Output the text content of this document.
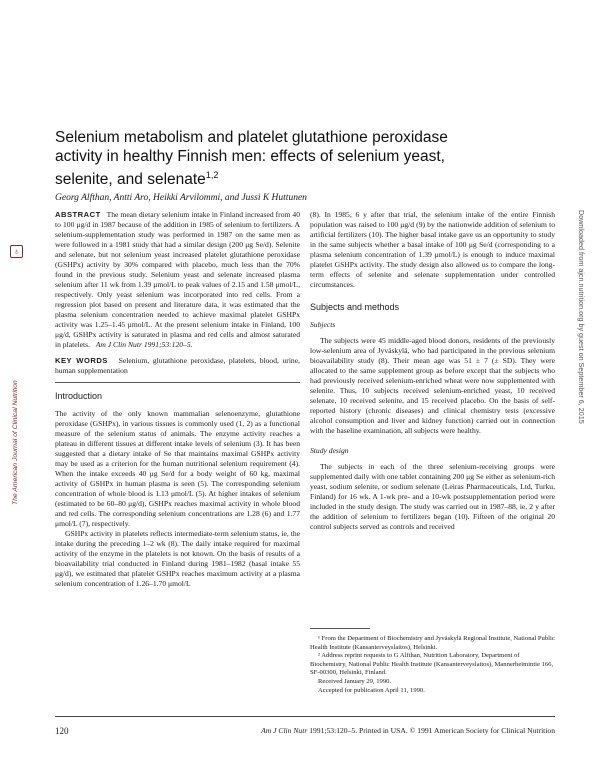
Selenium metabolism and platelet glutathione peroxidase activity in healthy Finnish men: effects of selenium yeast, selenite, and selenate$^{1,2}$
Georg Alfthan, Antti Aro, Heikki Arvilommi, and Jussi K Huttunen

ABSTRACT The mean dietary selenium intake in Finland increased from 40 to 100 μg/d in 1987 because of the addition in 1985 of selenium to fertilizers. A selenium-supplementation study was performed in 1987 on the same men as were followed in a 1981 study that had a similar design (200 μg Se/d). Selenite and selenate, but not selenium yeast increased platelet glutathione peroxidase (GSHPx) activity by 30% compared with placebo, much less than the 70% found in the previous study. Selenium yeast and selenate increased plasma selenium after 11 wk from 1.39 μmol/L to peak values of 2.15 and 1.58 μmol/L, respectively. Only yeast selenium was incorporated into red cells. From a regression plot based on present and literature data, it was estimated that the plasma selenium concentration needed to achieve maximal platelet GSHPx activity was 1.25–1.45 μmol/L. At the present selenium intake in Finland, 100 μg/d, GSHPx activity is saturated in plasma and red cells and almost saturated in platelets. Am J Clin Nutr 1991;53:120–5.

KEY WORDS Selenium, glutathione peroxidase, platelets, blood, urine, human supplementation

Introduction

The activity of the only known mammalian selenoenzyme, glutathione peroxidase (GSHPx), in various tissues is commonly used (1, 2) as a functional measure of the selenium status of animals. The enzyme activity reaches a plateau in different tissues at different intake levels of selenium (3). It has been suggested that a dietary intake of Se that maintains maximal GSHPx activity may be used as a criterion for the human nutritional selenium requirement (4). When the intake exceeds 40 μg Se/d for a body weight of 60 kg, maximal activity of GSHPx in human plasma is seen (5). The corresponding selenium concentration of whole blood is 1.13 μmol/L (5). At higher intakes of selenium (estimated to be 60–80 μg/d), GSHPx reaches maximal activity in whole blood and red cells. The corresponding selenium concentrations are 1.28 (6) and 1.77 μmol/L (7), respectively.

GSHPx activity in platelets reflects intermediate-term selenium status, ie, the intake during the preceding 1–2 wk (8). The daily intake required for maximal activity of the enzyme in the platelets is not known. On the basis of results of a bioavailability trial conducted in Finland during 1981–1982 (basal intake 55 μg/d), we estimated that platelet GSHPx reaches maximum activity at a plasma selenium concentration of 1.26–1.70 μmol/L

(8). In 1985, 6 y after that trial, the selenium intake of the entire Finnish population was raised to 100 μg/d (9) by the nationwide addition of selenium to artificial fertilizers (10). The higher basal intake gave us an opportunity to study in the same subjects whether a basal intake of 100 μg Se/d (corresponding to a plasma selenium concentration of 1.39 μmol/L) is enough to induce maximal platelet GSHPx activity. The study design also allowed us to compare the long-term effects of selenite and selenate supplementation under controlled circumstances.

Subjects and methods
Subjects

The subjects were 45 middle-aged blood donors, residents of the previously low-selenium area of Jyväskylä, who had participated in the previous selenium bioavailability study (8). Their mean age was 51 ± 7 (± SD). They were allocated to the same supplement group as before except that the subjects who had previously received selenium-enriched wheat were now supplemented with selenite. Thus, 10 subjects received selenium-enriched yeast, 10 received selenate, 10 received selenite, and 15 received placebo. On the basis of self-reported history (chronic diseases) and clinical chemistry tests (excessive alcohol consumption and liver and kidney function) carried out in connection with the baseline examination, all subjects were healthy.

Study design

The subjects in each of the three selenium-receiving groups were supplemented daily with one tablet containing 200 μg Se either as selenium-rich yeast, sodium selenite, or sodium selenate (Leiras Pharmaceuticals, Ltd, Turku, Finland) for 16 wk. A 1-wk pre- and a 10-wk postsupplementation period were included in the study design. The study was carried out in 1987–88, ie, 2 y after the addition of selenium to fertilizers began (10). Fifteen of the original 20 control subjects served as controls and received

¹ From the Department of Biochemistry and Jyväskylä Regional Institute, National Public Health Institute (Kansanterveyslaitos), Helsinki.

² Address reprint requests to G Alfthan, Nutrition Laboratory, Department of Biochemistry, National Public Health Institute (Kansanterveyslaitos), Mannerheimintie 166, SF-00300, Helsinki, Finland.

Received January 29, 1990.

Accepted for publication April 11, 1990.

120	Am J Clin Nutr 1991;53:120–5. Printed in USA. © 1991 American Society for Clinical Nutrition
♁
The American Journal of Clinical Nutrition
Downloaded from ajcn.nutrition.org by guest on September 6, 2015
